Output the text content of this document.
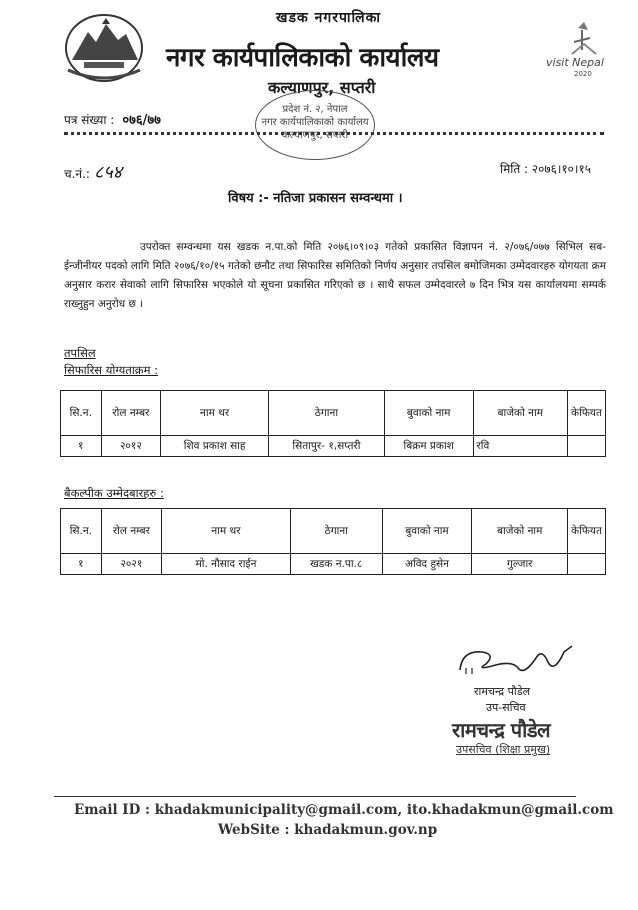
visit Nepal
2020
खडक नगरपालिका
नगर कार्यपालिकाको कार्यालय
कल्याणपुर, सप्तरी
प्रदेश नं. २, नेपाल
नगर कार्यपालिकाको कार्यालय कल्याणपुर, सप्तरी
पत्र संख्या : ०७६/७७
च.नं.: ८५४	मिति : २०७६।१०।१५
विषय :- नतिजा प्रकासन सम्वन्धमा ।
उपरोक्त सम्वन्धमा यस खडक न.पा.को मिति २०७६।०९।०३ गतेको प्रकासित विज्ञापन नं. २/०७६/०७७ सिभिल सब-ईन्जीनीयर पदको लागि मिति २०७६/१०/१५ गतेको छनौट तथा सिफारिस समितिको निर्णय अनुसार तपसिल बमोजिमका उम्मेदवारहरु योगयता क्रम अनुसार करार सेवाको लागि सिफारिस भएकोले यो सूचना प्रकासित गरिएको छ । साथै सफल उम्मेदवारले ७ दिन भित्र यस कार्यालयमा सम्पर्क राख्नुहुन अनुरोध छ ।
तपसिल
सिफारिस योग्यताक्रम :
सि.न.	रोल नम्बर	नाम थर	ठेगाना	बुवाको नाम	बाजेको नाम	केफियत
१	२०१२	शिव प्रकाश साह	सितापुर- १,सप्तरी	बिक्रम प्रकाश	रवि	
बैकल्पीक उम्मेदबारहरु :
सि.न.	रोल नम्बर	नाम थर	ठेगाना	बुवाको नाम	बाजेको नाम	केफियत
१	२०२१	मो. नौसाद राईन	खडक न.पा.८	अविद हुसेन	गुल्जार	
रामचन्द्र पौडेल
उप-सचिव
रामचन्द्र पौडेल
उपसचिव (शिक्षा प्रमुख)
Email ID : khadakmunicipality@gmail.com, ito.khadakmun@gmail.com
WebSite : khadakmun.gov.np
